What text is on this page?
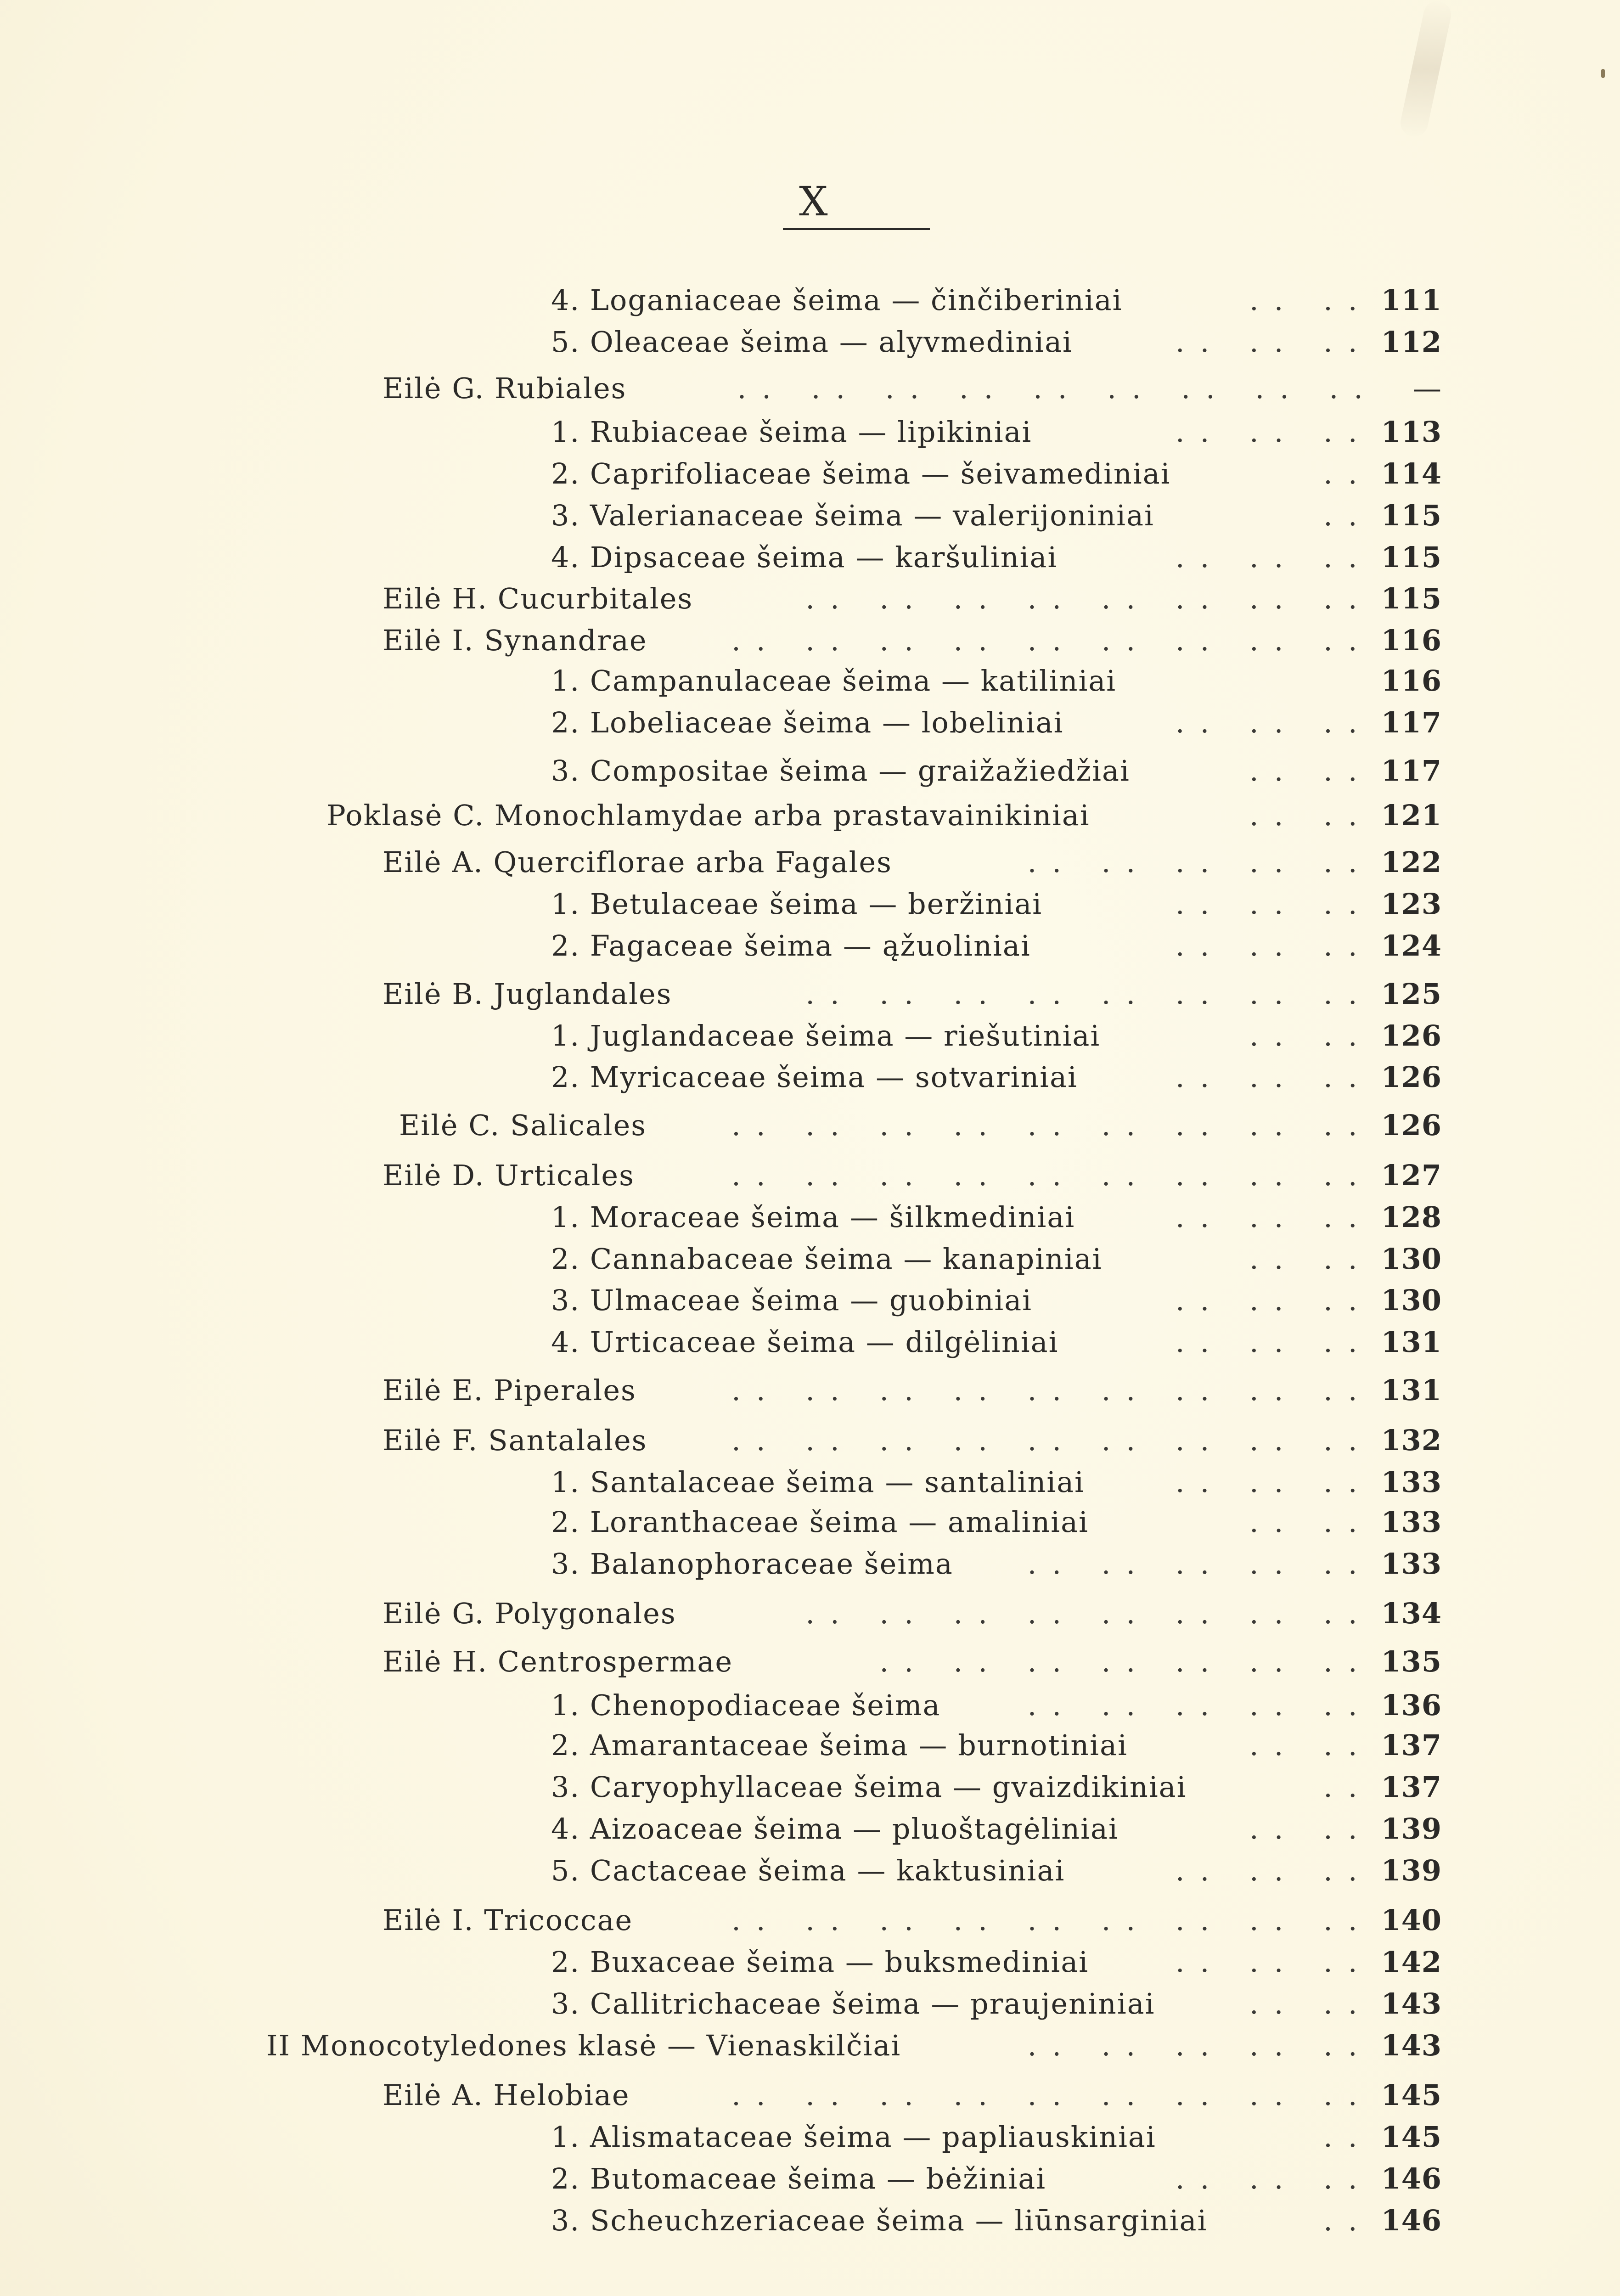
X
4. Loganiaceae šeima — činčiberiniai	.. .. 111
5. Oleaceae šeima — alyvmediniai	.. .. .. 112
Eilė G. Rubiales	.. .. .. .. .. .. .. .. ..	—
1. Rubiaceae šeima — lipikiniai	.. .. .. 113
2. Caprifoliaceae šeima — šeivamediniai	.. 114
3. Valerianaceae šeima — valerijoniniai	.. 115
4. Dipsaceae šeima — karšuliniai	.. .. .. 115
Eilė H. Cucurbitales	.. .. .. .. .. .. .. .. 115
Eilė I. Synandrae	.. .. .. .. .. .. .. .. .. 116
1. Campanulaceae šeima — katiliniai	116
2. Lobeliaceae šeima — lobeliniai	.. .. .. 117
3. Compositae šeima — graižažiedžiai	.. .. 117
Poklasė C. Monochlamydae arba prastavainikiniai	.. .. 121
Eilė A. Querciflorae arba Fagales	.. .. .. .. .. 122
1. Betulaceae šeima — beržiniai	.. .. .. 123
2. Fagaceae šeima — ąžuoliniai	.. .. .. 124
Eilė B. Juglandales	.. .. .. .. .. .. .. .. 125
1. Juglandaceae šeima — riešutiniai	.. .. 126
2. Myricaceae šeima — sotvariniai	.. .. .. 126
Eilė C. Salicales	.. .. .. .. .. .. .. .. .. 126
Eilė D. Urticales	.. .. .. .. .. .. .. .. .. 127
1. Moraceae šeima — šilkmediniai	.. .. .. 128
2. Cannabaceae šeima — kanapiniai	.. .. 130
3. Ulmaceae šeima — guobiniai	.. .. .. 130
4. Urticaceae šeima — dilgėliniai	.. .. .. 131
Eilė E. Piperales	.. .. .. .. .. .. .. .. .. 131
Eilė F. Santalales	.. .. .. .. .. .. .. .. .. 132
1. Santalaceae šeima — santaliniai	.. .. .. 133
2. Loranthaceae šeima — amaliniai	.. .. 133
3. Balanophoraceae šeima	.. .. .. .. .. 133
Eilė G. Polygonales	.. .. .. .. .. .. .. .. 134
Eilė H. Centrospermae	.. .. .. .. .. .. .. 135
1. Chenopodiaceae šeima	.. .. .. .. .. 136
2. Amarantaceae šeima — burnotiniai	.. .. 137
3. Caryophyllaceae šeima — gvaizdikiniai	.. 137
4. Aizoaceae šeima — pluoštagėliniai	.. .. 139
5. Cactaceae šeima — kaktusiniai	.. .. .. 139
Eilė I. Tricoccae	.. .. .. .. .. .. .. .. .. 140
2. Buxaceae šeima — buksmediniai	.. .. .. 142
3. Callitrichaceae šeima — praujeniniai	.. .. 143
II Monocotyledones klasė — Vienaskilčiai	.. .. .. .. .. 143
Eilė A. Helobiae	.. .. .. .. .. .. .. .. .. 145
1. Alismataceae šeima — papliauskiniai	.. 145
2. Butomaceae šeima — bėžiniai	.. .. .. 146
3. Scheuchzeriaceae šeima — liūnsarginiai	.. 146
